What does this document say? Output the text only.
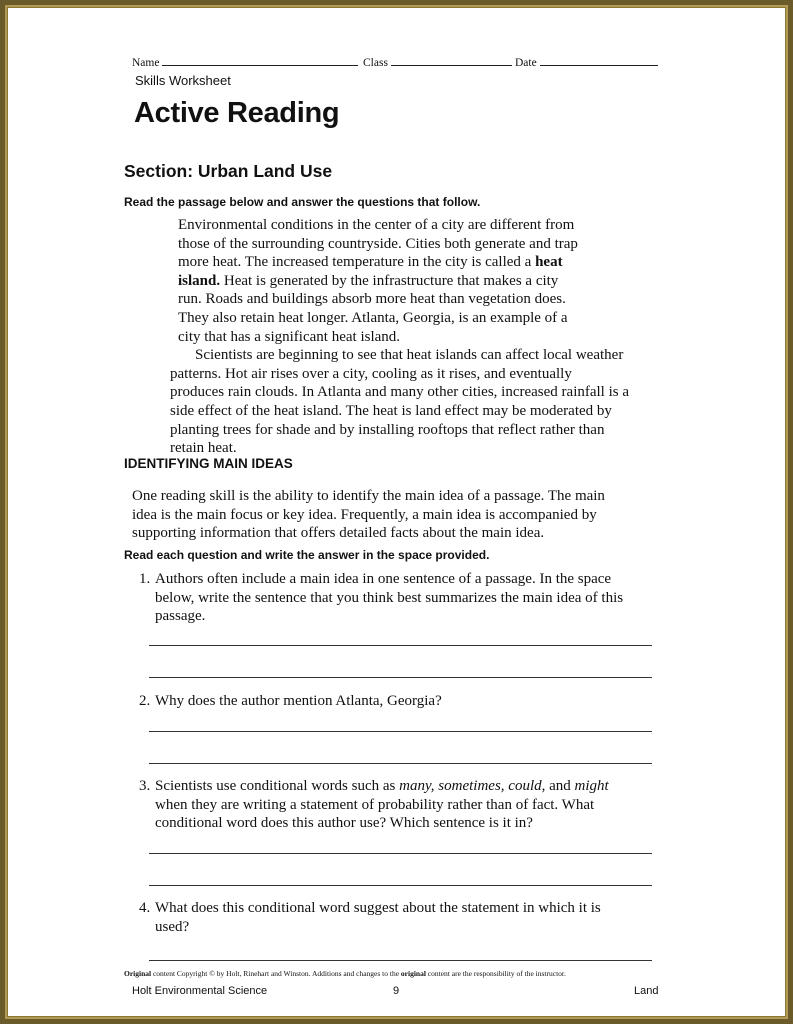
Name	Class	Date
Skills Worksheet
Active Reading
Section: Urban Land Use
Read the passage below and answer the questions that follow.
Environmental conditions in the center of a city are different from
those of the surrounding countryside. Cities both generate and trap
more heat. The increased temperature in the city is called a heat
island. Heat is generated by the infrastructure that makes a city
run. Roads and buildings absorb more heat than vegetation does.
They also retain heat longer. Atlanta, Georgia, is an example of a
city that has a significant heat island.
Scientists are beginning to see that heat islands can affect local weather
patterns. Hot air rises over a city, cooling as it rises, and eventually
produces rain clouds. In Atlanta and many other cities, increased rainfall is a
side effect of the heat island. The heat is land effect may be moderated by
planting trees for shade and by installing rooftops that reflect rather than
retain heat.
IDENTIFYING MAIN IDEAS
One reading skill is the ability to identify the main idea of a passage. The main
idea is the main focus or key idea. Frequently, a main idea is accompanied by
supporting information that offers detailed facts about the main idea.
Read each question and write the answer in the space provided.
1. Authors often include a main idea in one sentence of a passage. In the space
below, write the sentence that you think best summarizes the main idea of this
passage.
2. Why does the author mention Atlanta, Georgia?
3. Scientists use conditional words such as many, sometimes, could, and might
when they are writing a statement of probability rather than of fact. What
conditional word does this author use? Which sentence is it in?
4. What does this conditional word suggest about the statement in which it is
used?
Original content Copyright © by Holt, Rinehart and Winston. Additions and changes to the original content are the responsibility of the instructor.
Holt Environmental Science	9	Land
